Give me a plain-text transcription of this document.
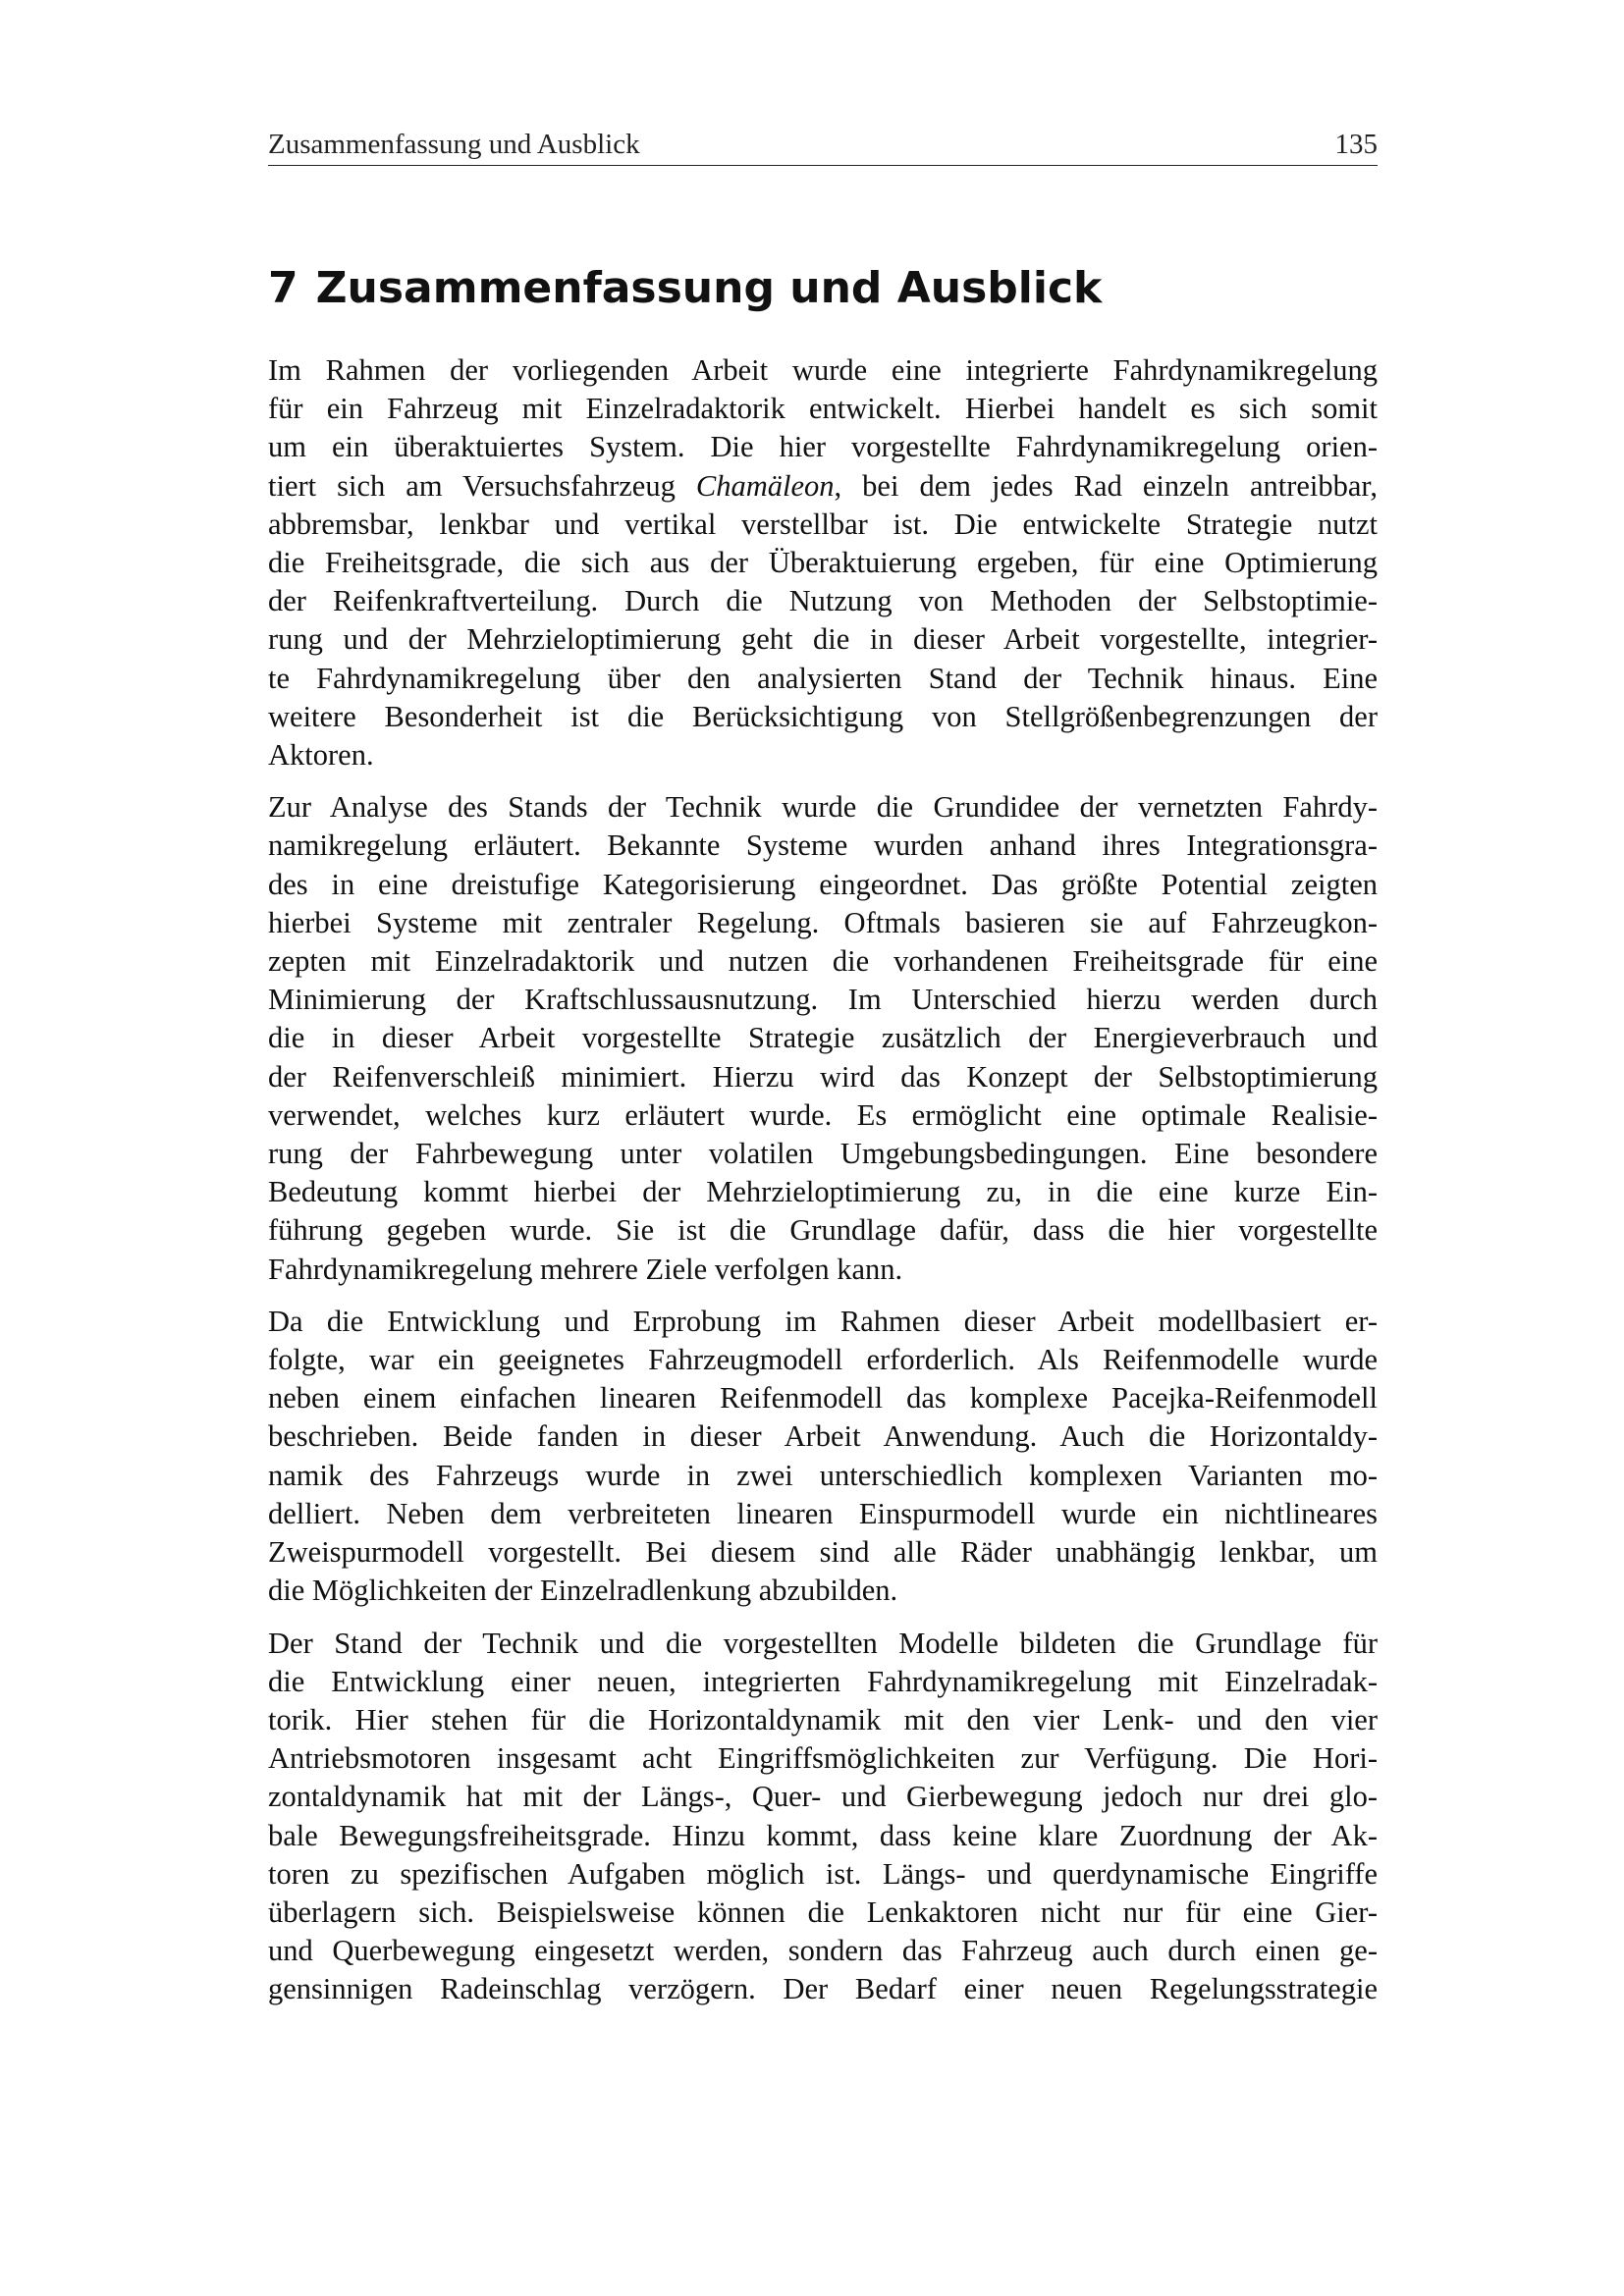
Zusammenfassung und Ausblick	135
7 Zusammenfassung und Ausblick

Im Rahmen der vorliegenden Arbeit wurde eine integrierte Fahrdynamikregelung
für ein Fahrzeug mit Einzelradaktorik entwickelt. Hierbei handelt es sich somit
um ein überaktuiertes System. Die hier vorgestellte Fahrdynamikregelung orien-
tiert sich am Versuchsfahrzeug Chamäleon, bei dem jedes Rad einzeln antreibbar,
abbremsbar, lenkbar und vertikal verstellbar ist. Die entwickelte Strategie nutzt
die Freiheitsgrade, die sich aus der Überaktuierung ergeben, für eine Optimierung
der Reifenkraftverteilung. Durch die Nutzung von Methoden der Selbstoptimie-
rung und der Mehrzieloptimierung geht die in dieser Arbeit vorgestellte, integrier-
te Fahrdynamikregelung über den analysierten Stand der Technik hinaus. Eine
weitere Besonderheit ist die Berücksichtigung von Stellgrößenbegrenzungen der
Aktoren.

Zur Analyse des Stands der Technik wurde die Grundidee der vernetzten Fahrdy-
namikregelung erläutert. Bekannte Systeme wurden anhand ihres Integrationsgra-
des in eine dreistufige Kategorisierung eingeordnet. Das größte Potential zeigten
hierbei Systeme mit zentraler Regelung. Oftmals basieren sie auf Fahrzeugkon-
zepten mit Einzelradaktorik und nutzen die vorhandenen Freiheitsgrade für eine
Minimierung der Kraftschlussausnutzung. Im Unterschied hierzu werden durch
die in dieser Arbeit vorgestellte Strategie zusätzlich der Energieverbrauch und
der Reifenverschleiß minimiert. Hierzu wird das Konzept der Selbstoptimierung
verwendet, welches kurz erläutert wurde. Es ermöglicht eine optimale Realisie-
rung der Fahrbewegung unter volatilen Umgebungsbedingungen. Eine besondere
Bedeutung kommt hierbei der Mehrzieloptimierung zu, in die eine kurze Ein-
führung gegeben wurde. Sie ist die Grundlage dafür, dass die hier vorgestellte
Fahrdynamikregelung mehrere Ziele verfolgen kann.

Da die Entwicklung und Erprobung im Rahmen dieser Arbeit modellbasiert er-
folgte, war ein geeignetes Fahrzeugmodell erforderlich. Als Reifenmodelle wurde
neben einem einfachen linearen Reifenmodell das komplexe Pacejka-Reifenmodell
beschrieben. Beide fanden in dieser Arbeit Anwendung. Auch die Horizontaldy-
namik des Fahrzeugs wurde in zwei unterschiedlich komplexen Varianten mo-
delliert. Neben dem verbreiteten linearen Einspurmodell wurde ein nichtlineares
Zweispurmodell vorgestellt. Bei diesem sind alle Räder unabhängig lenkbar, um
die Möglichkeiten der Einzelradlenkung abzubilden.

Der Stand der Technik und die vorgestellten Modelle bildeten die Grundlage für
die Entwicklung einer neuen, integrierten Fahrdynamikregelung mit Einzelradak-
torik. Hier stehen für die Horizontaldynamik mit den vier Lenk- und den vier
Antriebsmotoren insgesamt acht Eingriffsmöglichkeiten zur Verfügung. Die Hori-
zontaldynamik hat mit der Längs-, Quer- und Gierbewegung jedoch nur drei glo-
bale Bewegungsfreiheitsgrade. Hinzu kommt, dass keine klare Zuordnung der Ak-
toren zu spezifischen Aufgaben möglich ist. Längs- und querdynamische Eingriffe
überlagern sich. Beispielsweise können die Lenkaktoren nicht nur für eine Gier-
und Querbewegung eingesetzt werden, sondern das Fahrzeug auch durch einen ge-
gensinnigen Radeinschlag verzögern. Der Bedarf einer neuen Regelungsstrategie
